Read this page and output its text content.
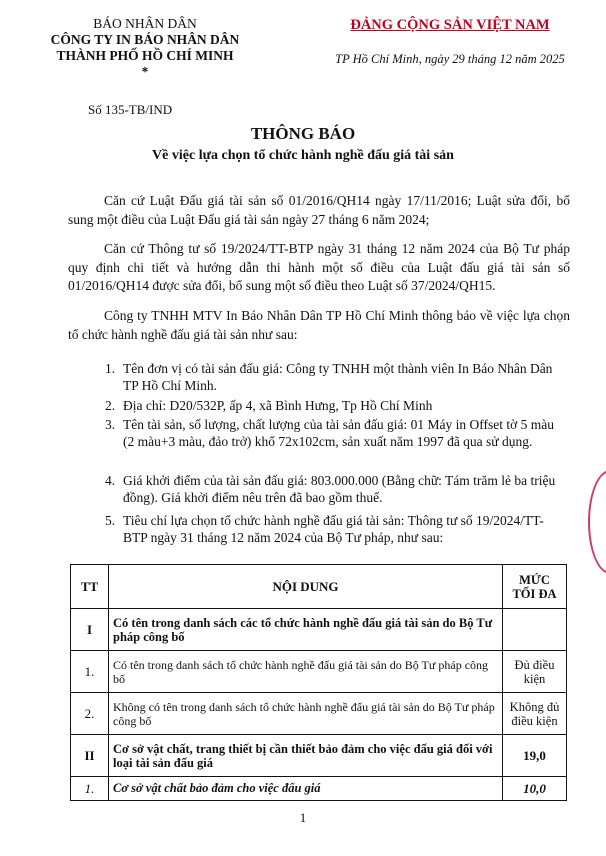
BÁO NHÂN DÂN
CÔNG TY IN BÁO NHÂN DÂN
THÀNH PHỐ HỒ CHÍ MINH
*
ĐẢNG CỘNG SẢN VIỆT NAM
TP Hồ Chí Minh, ngày 29 tháng 12 năm 2025
Số 135-TB/IND
THÔNG BÁO
Về việc lựa chọn tổ chức hành nghề đấu giá tài sản
Căn cứ Luật Đấu giá tài sản số 01/2016/QH14 ngày 17/11/2016; Luật sửa đổi, bổ sung một điều của Luật Đấu giá tài sản ngày 27 tháng 6 năm 2024;
Căn cứ Thông tư số 19/2024/TT-BTP ngày 31 tháng 12 năm 2024 của Bộ Tư pháp quy định chi tiết và hướng dẫn thi hành một số điều của Luật đấu giá tài sản số 01/2016/QH14 được sửa đổi, bổ sung một số điều theo Luật số 37/2024/QH15.
Công ty TNHH MTV In Báo Nhân Dân TP Hồ Chí Minh thông báo về việc lựa chọn tổ chức hành nghề đấu giá tài sản như sau:
1. Tên đơn vị có tài sản đấu giá: Công ty TNHH một thành viên In Báo Nhân Dân TP Hồ Chí Minh.
2. Địa chỉ: D20/532P, ấp 4, xã Bình Hưng, Tp Hồ Chí Minh
3. Tên tài sản, số lượng, chất lượng của tài sản đấu giá: 01 Máy in Offset tờ 5 màu (2 màu+3 màu, đảo trở) khổ 72x102cm, sản xuất năm 1997 đã qua sử dụng.
4. Giá khởi điểm của tài sản đấu giá: 803.000.000 (Bằng chữ: Tám trăm lẻ ba triệu đồng). Giá khởi điểm nêu trên đã bao gồm thuế.
5. Tiêu chí lựa chọn tổ chức hành nghề đấu giá tài sản: Thông tư số 19/2024/TT-BTP ngày 31 tháng 12 năm 2024 của Bộ Tư pháp, như sau:
TT	NỘI DUNG	MỨC TỐI ĐA
I	Có tên trong danh sách các tổ chức hành nghề đấu giá tài sản do Bộ Tư pháp công bố	
1.	Có tên trong danh sách tổ chức hành nghề đấu giá tài sản do Bộ Tư pháp công bố	Đủ điều kiện
2.	Không có tên trong danh sách tổ chức hành nghề đấu giá tài sản do Bộ Tư pháp công bố	Không đủ điều kiện
II	Cơ sở vật chất, trang thiết bị cần thiết bảo đảm cho việc đấu giá đối với loại tài sản đấu giá	19,0
1.	Cơ sở vật chất bảo đảm cho việc đấu giá	10,0
1
